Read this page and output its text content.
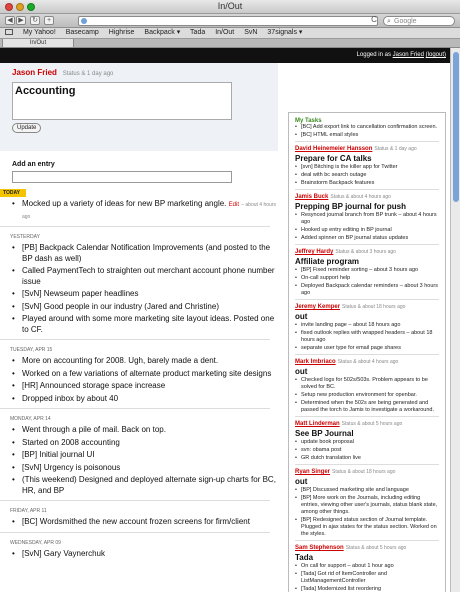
In/Out
◀ ▶	↻	+	C	⌕ Google
My Yahoo! Basecamp Highrise Backpack ▾ Tada In/Out SvN 37signals ▾
In/Out
Logged in as Jason Fried (logout)
Jason Fried Status & 1 day ago
Accounting
Update
Add an entry
TODAY
• Mocked up a variety of ideas for new BP marketing angle. Edit – about 4 hours ago
YESTERDAY
• [PB] Backpack Calendar Notification Improvements (and posted to the BP dash as well)
• Called PaymentTech to straighten out merchant account phone number issue
• [SvN] Newseum paper headlines
• [SvN] Good people in our industry (Jared and Christine)
• Played around with some more marketing site layout ideas. Posted one to CF.
TUESDAY, APR 15
• More on accounting for 2008. Ugh, barely made a dent.
• Worked on a few variations of alternate product marketing site designs
• [HR] Announced storage space increase
• Dropped inbox by about 40
MONDAY, APR 14
• Went through a pile of mail. Back on top.
• Started on 2008 accounting
• [BP] Initial journal UI
• [SvN] Urgency is poisonous
• (This weekend) Designed and deployed alternate sign-up charts for BC, HR, and BP
FRIDAY, APR 11
• [BC] Wordsmithed the new account frozen screens for firm/client
WEDNESDAY, APR 09
• [SvN] Gary Vaynerchuk
My Tasks
• [BC] Add export link to cancellation confirmation screen.
• [BC] HTML email styles
David Heinemeier Hansson Status & 1 day ago
Prepare for CA talks
• [svn] Bitching is the killer app for Twitter
• deal with bc search outage
• Brainstorm Backpack features
Jamis Buck Status & about 4 hours ago
Prepping BP journal for push
• Resynced journal branch from BP trunk – about 4 hours ago
• Hooked up entry editing in BP journal
• Added spinner on BP journal status updates
Jeffrey Hardy Status & about 3 hours ago
Affiliate program
• [BP] Fixed reminder sorting – about 3 hours ago
• On-call support help
• Deployed Backpack calendar reminders – about 3 hours ago
Jeremy Kemper Status & about 18 hours ago
out
• invite landing page – about 18 hours ago
• fixed outlook replies with wrapped headers – about 18 hours ago
• separate user type for email page shares
Mark Imbriaco Status & about 4 hours ago
out
• Checked logs for 502s/503s. Problem appears to be solved for BC.
• Setup new production environment for openbar.
• Determined when the 502s are being generated and passed the torch to Jamis to investigate a workaround.
Matt Linderman Status & about 5 hours ago
See BP Journal
• update book proposal
• svn: obama post
• GR dutch translation live
Ryan Singer Status & about 18 hours ago
out
• [BP] Discussed marketing site and language
• [BP] More work on the Journals, including editing entries, viewing other user's journals, status blank state, among other things.
• [BP] Redesigned status section of Journal template. Plugged in ajax states for the status section. Worked on the styles.
Sam Stephenson Status & about 5 hours ago
Tada
• On call for support – about 1 hour ago
• [Tada] Got rid of ItemController and ListManagementController
• [Tada] Modernized list reordering
